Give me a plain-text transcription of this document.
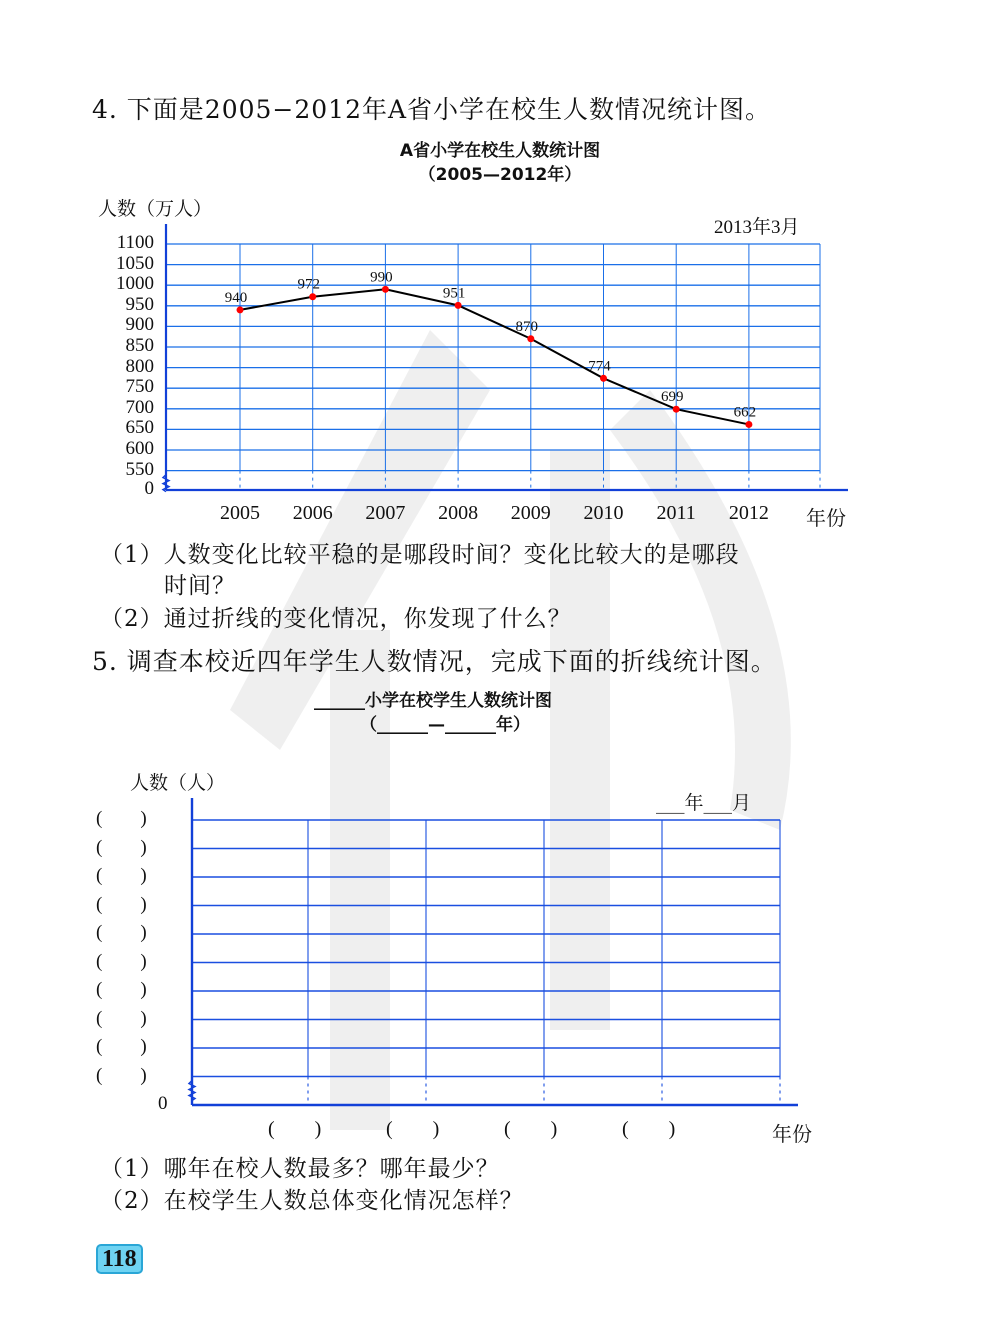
4. 下面是2005−2012年A省小学在校生人数情况统计图。
A省小学在校生人数统计图
（2005—2012年）
人数（万人）
2013年3月
1100
1050
1000
950
900
850
800
750
700
650
600
550
0
2005	2006	2007	2008	2009	2010	2011	2012	年份
940
972	990
951
870
774
699
662
（1）人数变化比较平稳的是哪段时间？变化比较大的是哪段
时间？
（2）通过折线的变化情况，你发现了什么？
5. 调查本校近四年学生人数情况，完成下面的折线统计图。
______小学在校学生人数统计图
（______—______年）
人数（人）
___年___月
(        )
(        )
(        )
(        )
(        )
(        )
(        )
(        )
(        )
(        )
0
(        )	(        )	(        )	(        )	年份
（1）哪年在校人数最多？哪年最少？
（2）在校学生人数总体变化情况怎样？
118
